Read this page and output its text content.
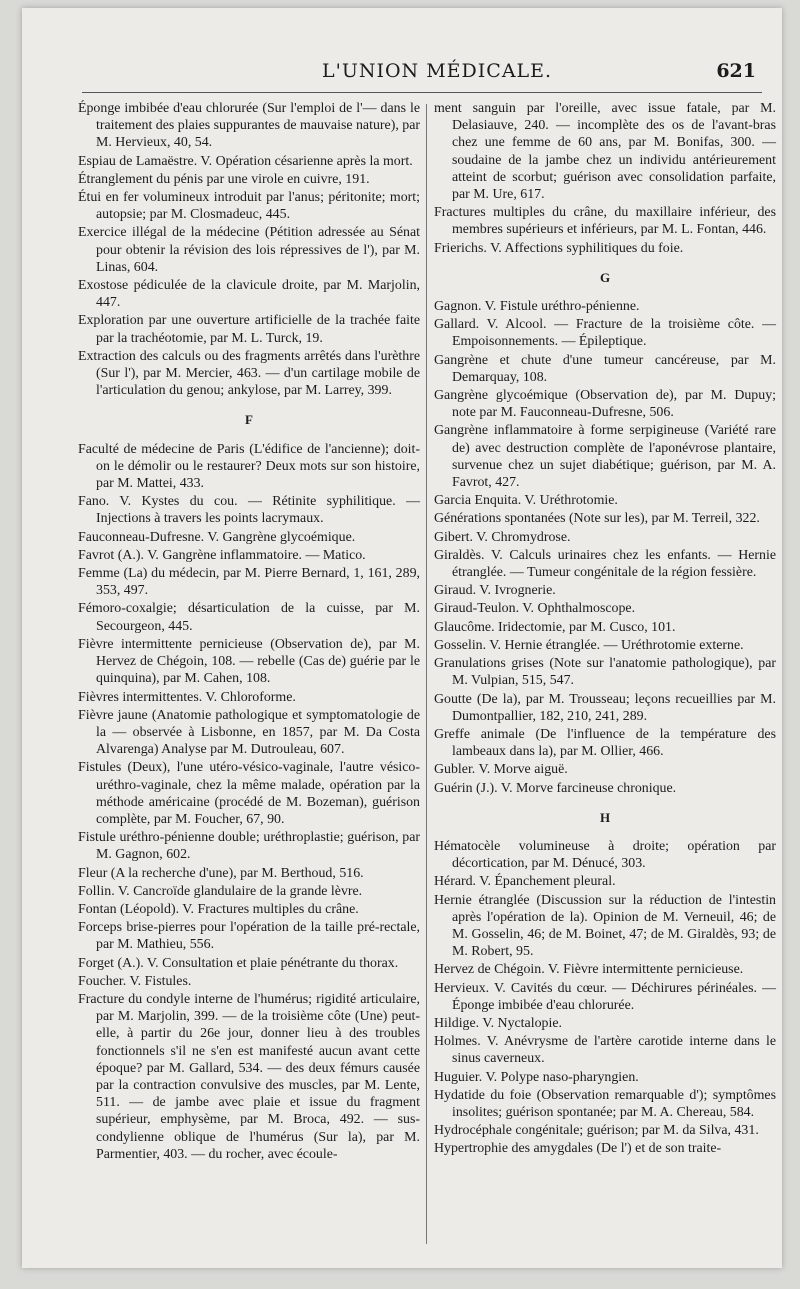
L'UNION MÉDICALE.	621
Éponge imbibée d'eau chlorurée (Sur l'emploi de l'— dans le traitement des plaies suppurantes de mauvaise nature), par M. Hervieux, 40, 54.
Espiau de Lamaëstre. V. Opération césarienne après la mort.
Étranglement du pénis par une virole en cuivre, 191.
Étui en fer volumineux introduit par l'anus; péritonite; mort; autopsie; par M. Closmadeuc, 445.
Exercice illégal de la médecine (Pétition adressée au Sénat pour obtenir la révision des lois répressives de l'), par M. Linas, 604.
Exostose pédiculée de la clavicule droite, par M. Marjolin, 447.
Exploration par une ouverture artificielle de la trachée faite par la trachéotomie, par M. L. Turck, 19.
Extraction des calculs ou des fragments arrêtés dans l'urèthre (Sur l'), par M. Mercier, 463. — d'un cartilage mobile de l'articulation du genou; ankylose, par M. Larrey, 399.
F
Faculté de médecine de Paris (L'édifice de l'ancienne); doit-on le démolir ou le restaurer? Deux mots sur son histoire, par M. Mattei, 433.
Fano. V. Kystes du cou. — Rétinite syphilitique. — Injections à travers les points lacrymaux.
Fauconneau-Dufresne. V. Gangrène glycoémique.
Favrot (A.). V. Gangrène inflammatoire. — Matico.
Femme (La) du médecin, par M. Pierre Bernard, 1, 161, 289, 353, 497.
Fémoro-coxalgie; désarticulation de la cuisse, par M. Secourgeon, 445.
Fièvre intermittente pernicieuse (Observation de), par M. Hervez de Chégoin, 108. — rebelle (Cas de) guérie par le quinquina), par M. Cahen, 108.
Fièvres intermittentes. V. Chloroforme.
Fièvre jaune (Anatomie pathologique et symptomatologie de la — observée à Lisbonne, en 1857, par M. Da Costa Alvarenga) Analyse par M. Dutrouleau, 607.
Fistules (Deux), l'une utéro-vésico-vaginale, l'autre vésico-uréthro-vaginale, chez la même malade, opération par la méthode américaine (procédé de M. Bozeman), guérison complète, par M. Foucher, 67, 90.
Fistule uréthro-pénienne double; uréthroplastie; guérison, par M. Gagnon, 602.
Fleur (A la recherche d'une), par M. Berthoud, 516.
Follin. V. Cancroïde glandulaire de la grande lèvre.
Fontan (Léopold). V. Fractures multiples du crâne.
Forceps brise-pierres pour l'opération de la taille pré-rectale, par M. Mathieu, 556.
Forget (A.). V. Consultation et plaie pénétrante du thorax.
Foucher. V. Fistules.
Fracture du condyle interne de l'humérus; rigidité articulaire, par M. Marjolin, 399. — de la troisième côte (Une) peut-elle, à partir du 26e jour, donner lieu à des troubles fonctionnels s'il ne s'en est manifesté aucun avant cette époque? par M. Gallard, 534. — des deux fémurs causée par la contraction convulsive des muscles, par M. Lente, 511. — de jambe avec plaie et issue du fragment supérieur, emphysème, par M. Broca, 492. — sus-condylienne oblique de l'humérus (Sur la), par M. Parmentier, 403. — du rocher, avec écoule-
ment sanguin par l'oreille, avec issue fatale, par M. Delasiauve, 240. — incomplète des os de l'avant-bras chez une femme de 60 ans, par M. Bonifas, 300. — soudaine de la jambe chez un individu antérieurement atteint de scorbut; guérison avec consolidation parfaite, par M. Ure, 617.
Fractures multiples du crâne, du maxillaire inférieur, des membres supérieurs et inférieurs, par M. L. Fontan, 446.
Frierichs. V. Affections syphilitiques du foie.
G
Gagnon. V. Fistule uréthro-pénienne.
Gallard. V. Alcool. — Fracture de la troisième côte. — Empoisonnements. — Épileptique.
Gangrène et chute d'une tumeur cancéreuse, par M. Demarquay, 108.
Gangrène glycoémique (Observation de), par M. Dupuy; note par M. Fauconneau-Dufresne, 506.
Gangrène inflammatoire à forme serpigineuse (Variété rare de) avec destruction complète de l'aponévrose plantaire, survenue chez un sujet diabétique; guérison, par M. A. Favrot, 427.
Garcia Enquita. V. Uréthrotomie.
Générations spontanées (Note sur les), par M. Terreil, 322.
Gibert. V. Chromydrose.
Giraldès. V. Calculs urinaires chez les enfants. — Hernie étranglée. — Tumeur congénitale de la région fessière.
Giraud. V. Ivrognerie.
Giraud-Teulon. V. Ophthalmoscope.
Glaucôme. Iridectomie, par M. Cusco, 101.
Gosselin. V. Hernie étranglée. — Uréthrotomie externe.
Granulations grises (Note sur l'anatomie pathologique), par M. Vulpian, 515, 547.
Goutte (De la), par M. Trousseau; leçons recueillies par M. Dumontpallier, 182, 210, 241, 289.
Greffe animale (De l'influence de la température des lambeaux dans la), par M. Ollier, 466.
Gubler. V. Morve aiguë.
Guérin (J.). V. Morve farcineuse chronique.
H
Hématocèle volumineuse à droite; opération par décortication, par M. Dénucé, 303.
Hérard. V. Épanchement pleural.
Hernie étranglée (Discussion sur la réduction de l'intestin après l'opération de la). Opinion de M. Verneuil, 46; de M. Gosselin, 46; de M. Boinet, 47; de M. Giraldès, 93; de M. Robert, 95.
Hervez de Chégoin. V. Fièvre intermittente pernicieuse.
Hervieux. V. Cavités du cœur. — Déchirures périnéales. — Éponge imbibée d'eau chlorurée.
Hildige. V. Nyctalopie.
Holmes. V. Anévrysme de l'artère carotide interne dans le sinus caverneux.
Huguier. V. Polype naso-pharyngien.
Hydatide du foie (Observation remarquable d'); symptômes insolites; guérison spontanée; par M. A. Chereau, 584.
Hydrocéphale congénitale; guérison; par M. da Silva, 431.
Hypertrophie des amygdales (De l') et de son traite-
